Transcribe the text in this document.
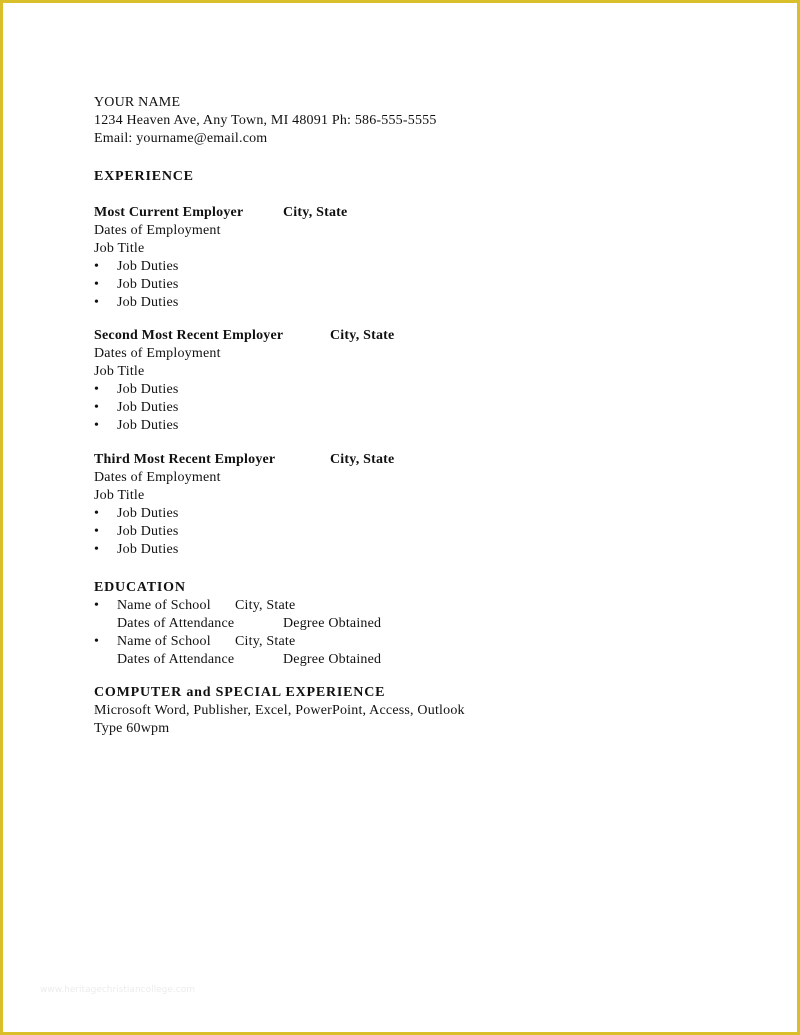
YOUR NAME
1234 Heaven Ave, Any Town, MI 48091 Ph: 586-555-5555
Email: yourname@email.com
EXPERIENCE
Most Current Employer	City, State
Dates of Employment
Job Title
•	Job Duties
•	Job Duties
•	Job Duties
Second Most Recent Employer	City, State
Dates of Employment
Job Title
•	Job Duties
•	Job Duties
•	Job Duties
Third Most Recent Employer	City, State
Dates of Employment
Job Title
•	Job Duties
•	Job Duties
•	Job Duties
EDUCATION
•	Name of School	City, State
Dates of Attendance	Degree Obtained
•	Name of School	City, State
Dates of Attendance	Degree Obtained
COMPUTER and SPECIAL EXPERIENCE
Microsoft Word, Publisher, Excel, PowerPoint, Access, Outlook
Type 60wpm
www.heritagechristiancollege.com
